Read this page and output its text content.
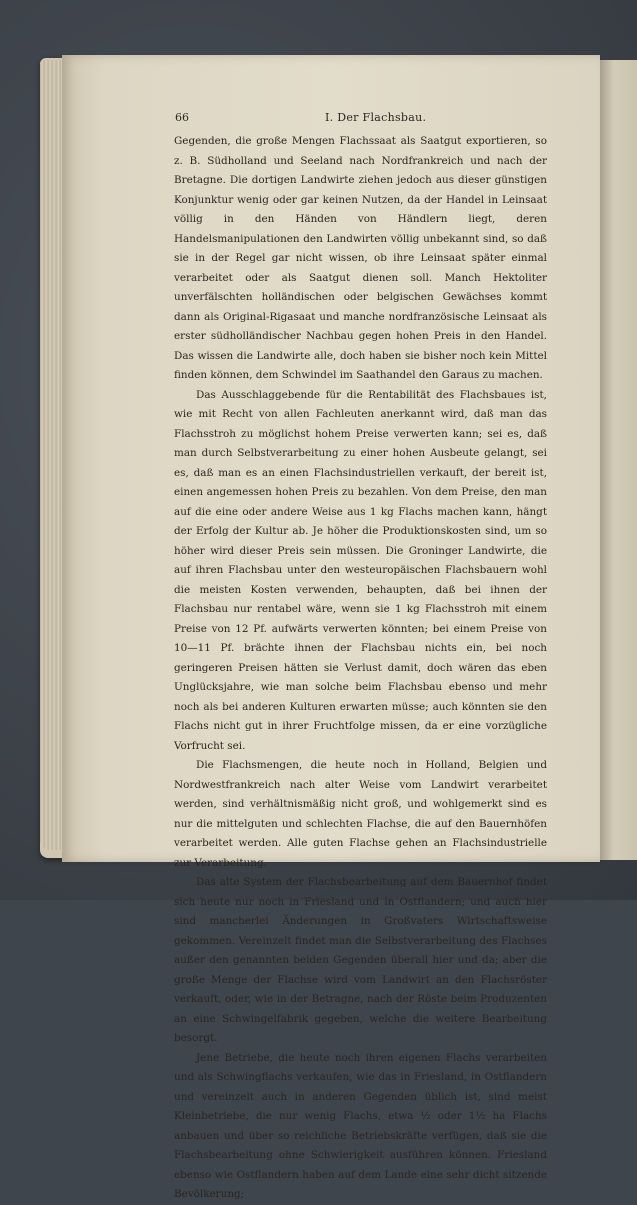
66	I. Der Flachsbau.

Gegenden, die große Mengen Flachssaat als Saatgut exportieren, so z. B. Südholland und Seeland nach Nordfrankreich und nach der Bretagne. Die dortigen Landwirte ziehen jedoch aus dieser günstigen Konjunktur wenig oder gar keinen Nutzen, da der Handel in Leinsaat völlig in den Händen von Händlern liegt, deren Handelsmanipulationen den Landwirten völlig unbekannt sind, so daß sie in der Regel gar nicht wissen, ob ihre Leinsaat später einmal verarbeitet oder als Saatgut dienen soll. Manch Hektoliter unverfälschten holländischen oder belgischen Gewächses kommt dann als Original-Rigasaat und manche nordfranzösische Leinsaat als erster südholländischer Nachbau gegen hohen Preis in den Handel. Das wissen die Landwirte alle, doch haben sie bisher noch kein Mittel finden können, dem Schwindel im Saathandel den Garaus zu machen.

Das Ausschlaggebende für die Rentabilität des Flachsbaues ist, wie mit Recht von allen Fachleuten anerkannt wird, daß man das Flachsstroh zu möglichst hohem Preise verwerten kann; sei es, daß man durch Selbstverarbeitung zu einer hohen Ausbeute gelangt, sei es, daß man es an einen Flachsindustriellen verkauft, der bereit ist, einen angemessen hohen Preis zu bezahlen. Von dem Preise, den man auf die eine oder andere Weise aus 1 kg Flachs machen kann, hängt der Erfolg der Kultur ab. Je höher die Produktionskosten sind, um so höher wird dieser Preis sein müssen. Die Groninger Landwirte, die auf ihren Flachsbau unter den westeuropäischen Flachsbauern wohl die meisten Kosten verwenden, behaupten, daß bei ihnen der Flachsbau nur rentabel wäre, wenn sie 1 kg Flachsstroh mit einem Preise von 12 Pf. aufwärts verwerten könnten; bei einem Preise von 10—11 Pf. brächte ihnen der Flachsbau nichts ein, bei noch geringeren Preisen hätten sie Verlust damit, doch wären das eben Unglücksjahre, wie man solche beim Flachsbau ebenso und mehr noch als bei anderen Kulturen erwarten müsse; auch könnten sie den Flachs nicht gut in ihrer Fruchtfolge missen, da er eine vorzügliche Vorfrucht sei.

Die Flachsmengen, die heute noch in Holland, Belgien und Nordwestfrankreich nach alter Weise vom Landwirt verarbeitet werden, sind verhältnismäßig nicht groß, und wohlgemerkt sind es nur die mittelguten und schlechten Flachse, die auf den Bauernhöfen verarbeitet werden. Alle guten Flachse gehen an Flachsindustrielle zur Verarbeitung.

Das alte System der Flachsbearbeitung auf dem Bauernhof findet sich heute nur noch in Friesland und in Ostflandern; und auch hier sind mancherlei Änderungen in Großvaters Wirtschaftsweise gekommen. Vereinzelt findet man die Selbstverarbeitung des Flachses außer den genannten beiden Gegenden überall hier und da; aber die große Menge der Flachse wird vom Landwirt an den Flachsröster verkauft, oder, wie in der Betragne, nach der Röste beim Produzenten an eine Schwingelfabrik gegeben, welche die weitere Bearbeitung besorgt.

Jene Betriebe, die heute noch ihren eigenen Flachs verarbeiten und als Schwingflachs verkaufen, wie das in Friesland, in Ostflandern und vereinzelt auch in anderen Gegenden üblich ist, sind meist Kleinbetriebe, die nur wenig Flachs, etwa ½ oder 1½ ha Flachs anbauen und über so reichliche Betriebskräfte verfügen, daß sie die Flachsbearbeitung ohne Schwierigkeit ausführen können. Friesland ebenso wie Ostflandern haben auf dem Lande eine sehr dicht sitzende Bevölkerung;
